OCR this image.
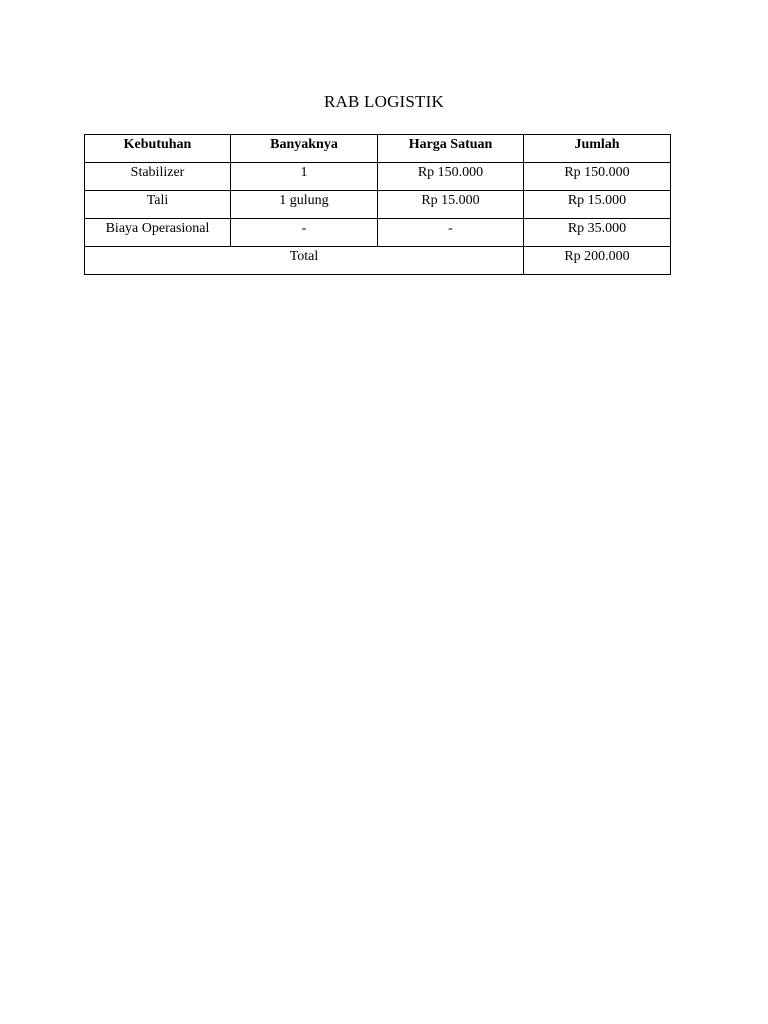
RAB LOGISTIK
Kebutuhan	Banyaknya	Harga Satuan	Jumlah
Stabilizer	1	Rp 150.000	Rp 150.000
Tali	1 gulung	Rp 15.000	Rp 15.000
Biaya Operasional	-	-	Rp 35.000
Total			Rp 200.000
